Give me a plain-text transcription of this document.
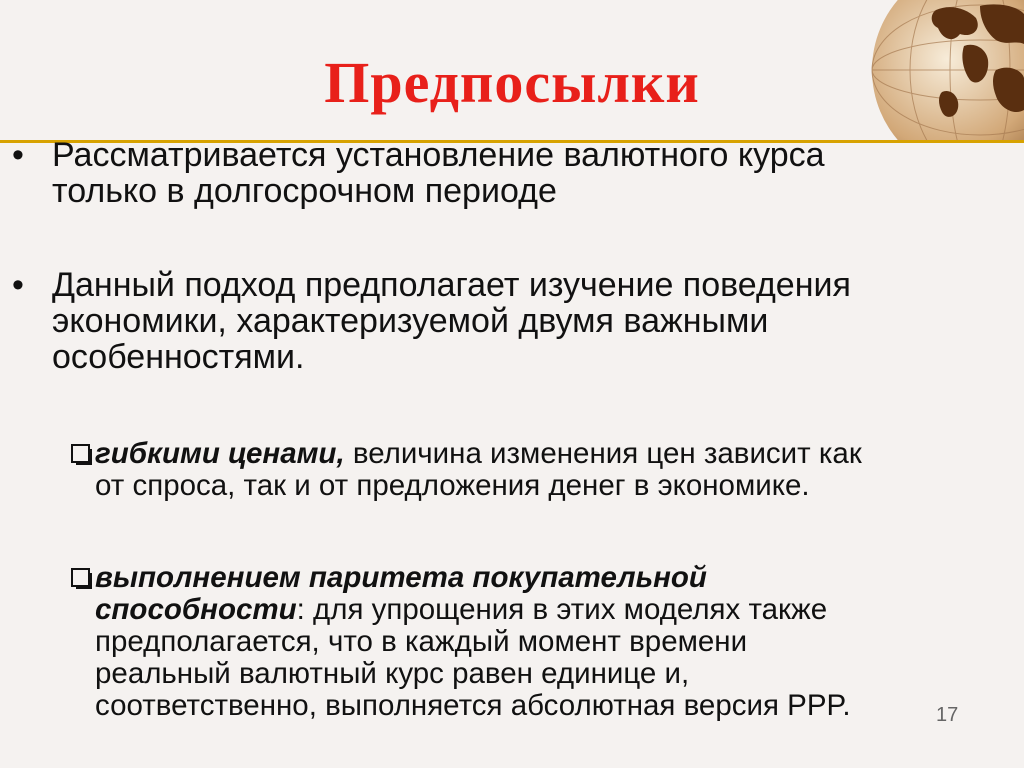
Предпосылки
• Рассматривается установление валютного курса
только в долгосрочном периоде
• Данный подход предполагает изучение поведения
экономики, характеризуемой двумя важными
особенностями.
гибкими ценами, величина изменения цен зависит как
от спроса, так и от предложения денег в экономике.
выполнением паритета покупательной
способности: для упрощения в этих моделях также
предполагается, что в каждый момент времени
реальный валютный курс равен единице и,
соответственно, выполняется абсолютная версия PPP.	17
